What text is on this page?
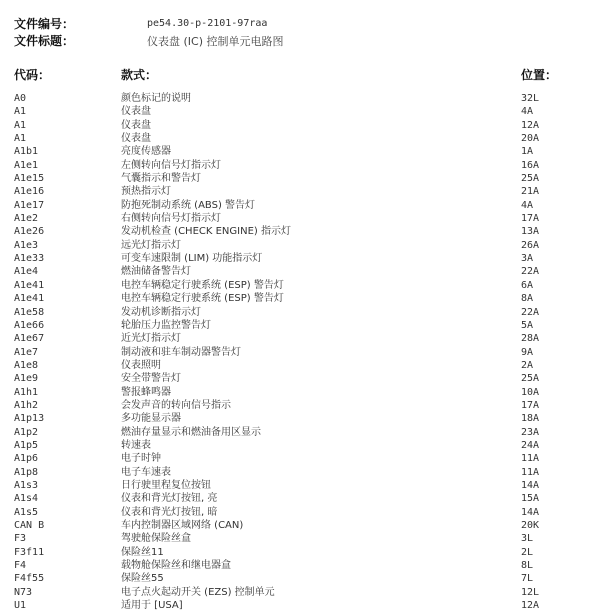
文件编号：	pe54.30-p-2101-97raa
文件标题：	仪表盘 (IC) 控制单元电路图
代码：	款式：	位置：
A0	颜色标记的说明	32L
A1	仪表盘	4A
A1	仪表盘	12A
A1	仪表盘	20A
A1b1	亮度传感器	1A
A1e1	左侧转向信号灯指示灯	16A
A1e15	气囊指示和警告灯	25A
A1e16	预热指示灯	21A
A1e17	防抱死制动系统 (ABS) 警告灯	4A
A1e2	右侧转向信号灯指示灯	17A
A1e26	发动机检查 (CHECK ENGINE) 指示灯	13A
A1e3	远光灯指示灯	26A
A1e33	可变车速限制 (LIM) 功能指示灯	3A
A1e4	燃油储备警告灯	22A
A1e41	电控车辆稳定行驶系统 (ESP) 警告灯	6A
A1e41	电控车辆稳定行驶系统 (ESP) 警告灯	8A
A1e58	发动机诊断指示灯	22A
A1e66	轮胎压力监控警告灯	5A
A1e67	近光灯指示灯	28A
A1e7	制动液和驻车制动器警告灯	9A
A1e8	仪表照明	2A
A1e9	安全带警告灯	25A
A1h1	警报蜂鸣器	10A
A1h2	会发声音的转向信号指示	17A
A1p13	多功能显示器	18A
A1p2	燃油存量显示和燃油备用区显示	23A
A1p5	转速表	24A
A1p6	电子时钟	11A
A1p8	电子车速表	11A
A1s3	日行驶里程复位按钮	14A
A1s4	仪表和背光灯按钮, 亮	15A
A1s5	仪表和背光灯按钮, 暗	14A
CAN B	车内控制器区域网络 (CAN)	20K
F3	驾驶舱保险丝盒	3L
F3f11	保险丝11	2L
F4	载物舱保险丝和继电器盒	8L
F4f55	保险丝55	7L
N73	电子点火起动开关 (EZS) 控制单元	12L
U1	适用于 [USA]	12A
